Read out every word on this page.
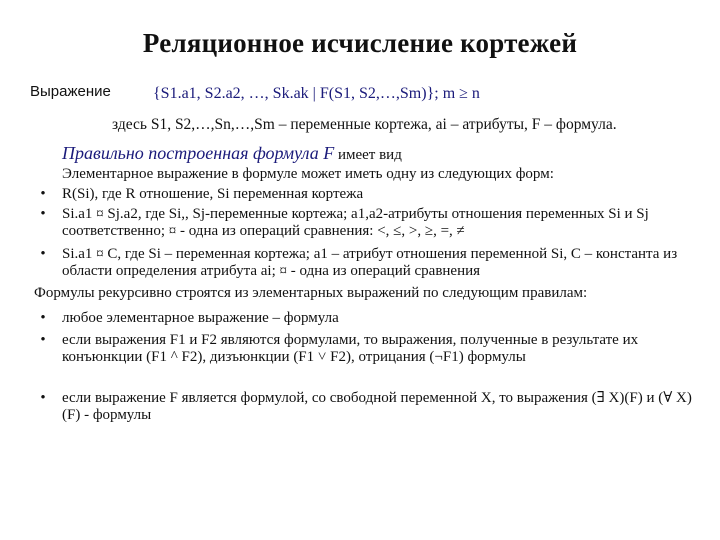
Реляционное исчисление кортежей
Выражение	{S1.a1, S2.a2, …, Sk.ak | F(S1, S2,…,Sm)}; m ≥ n
здесь S1, S2,…,Sn,…,Sm – переменные кортежа, ai – атрибуты, F – формула.
Правильно построенная формула F имеет вид
Элементарное выражение в формуле может иметь одну из следующих форм:
•	R(Si), где R отношение, Si переменная кортежа
•	Si.a1 ¤ Sj.a2, где Si,, Sj-переменные кортежа; a1,a2-атрибуты отношения переменных Si и Sj соответственно; ¤ - одна из операций сравнения: <, ≤, >, ≥, =, ≠
•	Si.a1 ¤ C, где Si – переменная кортежа; a1 – атрибут отношения переменной Si, C – константа из области определения атрибута ai; ¤ - одна из операций сравнения
Формулы рекурсивно строятся из элементарных выражений по следующим правилам:
•	любое элементарное выражение – формула
•	если выражения F1 и F2 являются формулами, то выражения, полученные в результате их конъюнкции (F1 ^ F2), дизъюнкции (F1 ˅ F2), отрицания (¬F1) формулы
•	если выражение F является формулой, со свободной переменной X, то выражения (∃ X)(F) и (∀ X)(F) - формулы
